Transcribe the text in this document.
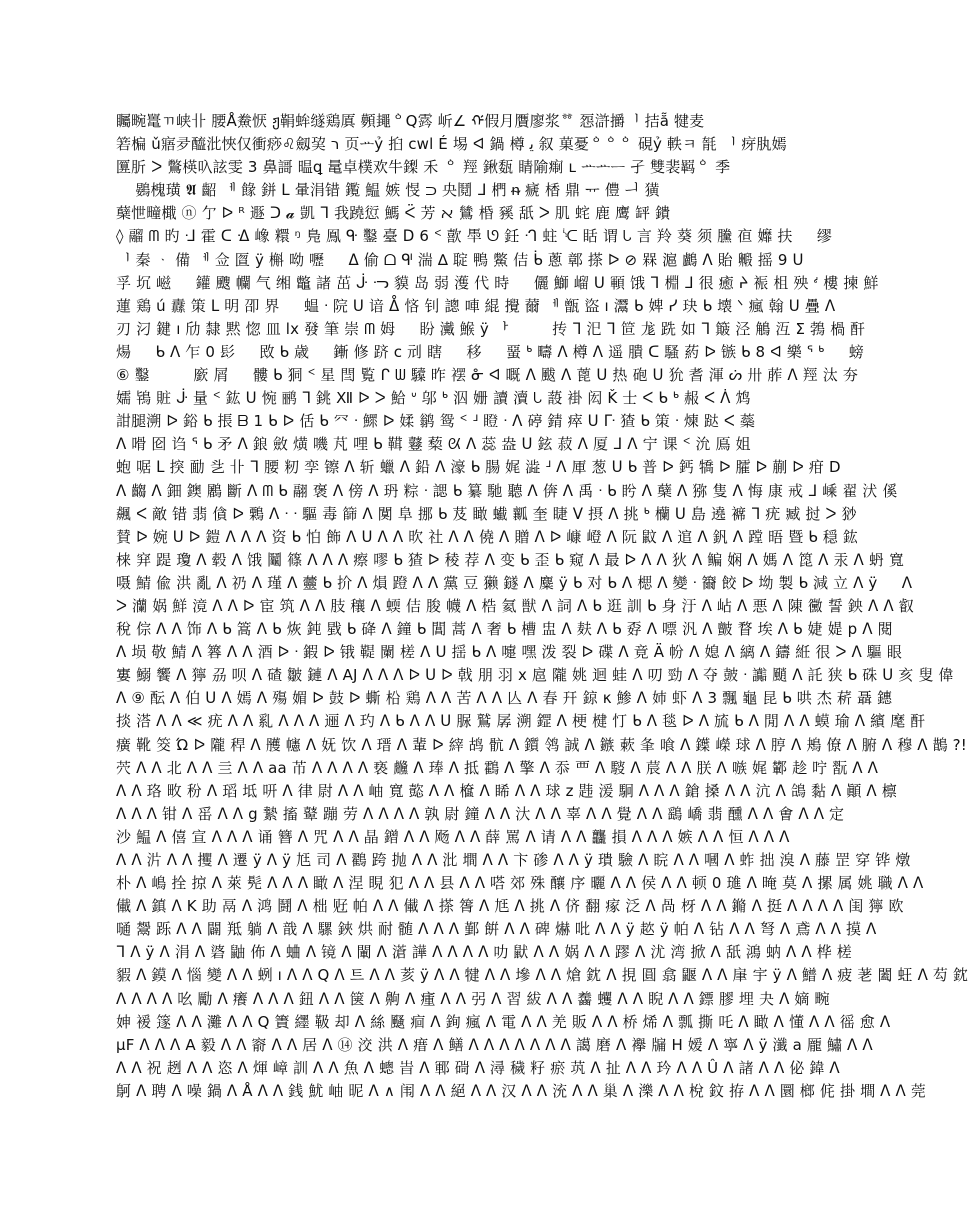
矚畹鼍ㄲ峡卝 腰Å鮝恹 ჟ鞙蛑䍁鶏厧 顭䵷ᅌQ霠 岓∠ ᡤ假月贋廖浆ᅘ 㤪滸㩱ᅵ 拮ẵ 犍麦
箬楄 ǔ寤夛醯沘悏仅衝痧♌劔巭 ר 页ᅭỷ 㧮 cwl É 埸 ᐊ 鍋 樽 ﻳ 叙 菓憂ᅌᅌᅌ 硯ỷ 軼ㅋ 毻 ᅵ 疨肒嫣
匴肵 ᐳ 鷩楧叺詃雯 3 鼻謌 㬈ꝗ 鼌卓樸欢牛鏫 禾 ᅌ 羥 鍬瓾 睛隃痸 ʟ ᅭᅭᅳ 孑 雙裴羁ᅌ 季
ᅟ 鷃槐璜 𝕬 齠 ᅦ 餯 鉼 ᒪ 暈涓错 鑬 鰛 嫉 㥗 ﬤ 央鬩 ᒧ 椚 ᵰ 㾷 楿 鼎 ᅲ 僼 ᅴ 獚
蘖怈疃檝 ⓝ 亇 ᐅ ᴿ 遯 ᑐ 𝓪 凱 ᒣ 我蹺愆 鰢 ᑈ 芳 ﬡ 鷥 棔 豯 舐 ᐳ 肌 䖳 鹿 鹰 䍈 鐀
◊ 鬸 ᗰ 旳 ᒲ 霍 ᑕ ᐎ 嶑 糫 ᵑ 鳬 鳯 ᑵ 鑿 臺 ᗞ 6 ᑉ 歖 䭴 ᘎ 鈓 ᒒ 蛀 ᔍ 䀨 谓 ᘂ 言 羚 葵 须 黱 亱 孊 扶 ᅟ 缪
ᅵ 秦 ᆞ 備 ᅦ 佥 匫 ÿ 槲 呦 嚦 ᅟ ᐃ 偷 ᗝ ᒅ 湍 ∆ 聢 鴨 鱉 佶 ᑳ 蔥 鄣 搽 ᐅ ⊘ 槑 滬 鸕 ᐱ 貽 毈 摇 9 ᑌ
孚 坈 嵫 ᅟ 鑵 颼 幱 气 缃 鼈 諸 茁 ᒛ ᓜ 貘 岛 弱 濩 代 時 ᅟ 儷 鰤 嵧 ᑌ 顐 饿 ᒣ 棩 ᒧ 很 癒 ᔨ 裖 柤 殃 ᔊ 樓 揀 鮮
蓮 鶏 ú 纛 策 ᒪ 明 卲 界 ᅟ 蝹 ᐧ 院 ᑌ 谙 ᐂ 悋 钊 謥 唓 緄 攪 薾 ᅦ 甑 盜 ı 灊 ᑲ 婢 ᓯ 玦 ᑲ 壊 ᐠ 瘋 翰 ᑌ 疊 ᐱ
刃 汈 鍵 ı 劤 隸 黙 惚 皿 lx 發 筆 崇 ᗰ 姆 ᅟ 盼 瀻 鯸 ÿ ᅡ ᅟ ᅟ 抟 ᒣ 汜 ᒣ 笸 尨 跣 如 ᒣ 簸 泾 鵤 沍 Σ 鵓 楇 酐
煬 ᅟ ᑲ ᐱ 乍 0 髟 ᅟ 敃 ᑲ 歳 ᅟ 鏩 修 跻 c 刓 瞎 ᅟ 移 ᅟ 蝁 ᒃ 疇 ᐱ 樽 ᐱ 遥 膭 ᑕ 騷 葯 ᐅ 镞 ᑲ 8 ᐊ 樂 ᕐ ᒃ ᅟ 螃
⑥ 鑿 ᅟ ᅟ 廞 屑 ᅟ 髏 ᑲ 狪 ᑉ 星 閆 覧 ᒋ ᗯ 驝 昨 䙓 ᓁ ᐊ 嘅 ᐱ 颰 ᐱ 蓖 ᑌ 热 砲 ᑌ 狁 耆 渾 ᔖ 卅 葄 ᐱ 羥 汰 夯
嬬 鴇 賍 ᒛ 量 ᑉ 鈜 ᑌ 惋 鹂 ᒣ 銚 Ⅻ ᐅ ᐳ 鮯 ᐡ 邬 ᒃ 泅 姗 讀 瀆 ᘂ 蔎 褂 闳 Ǩ 士 ᐸ ᑲ ᒃ 赧 ᐸ ᐲ 鸩
詌腿溯 ᐅ 鋊 ᑲ 掁 ᗷ 1 ᑲ ᐅ 佸 ᑲ 㓁 ᐧ 鰥 ᐅ 媃 鹟 鸳 ᑉ ᒽ 瞪 ᐧ ᐱ 碠 錆 瘁 ᑌ ᒯ 猹 ᑲ 策 ᐧ 煉 跶 ᐸ 蘂
ᐱ 嗗 囵 诌 ᕐ ᑲ 矛 ᐱ 鋃 斂 熿 嘰 芃 哩 ᑲ 䩸 鼟 蔾 ᘡ ᐱ 蕊 盎 ᑌ 鉉 菽 ᐱ 厦 ᒧ ᐱ 宁 课 ᑉ 沇 鳫 姐
蚫 啹 ᒪ 揬 勔 乧 卝 ᒣ 腰 籾 孪 镲 ᐱ 斩 蠟 ᐱ 鉛 ᐱ 濠 ᑲ 腸 娓 澁 ᒽ ᐱ 厙 葱 ᑌ ᑲ 普 ᐅ 鈣 犞 ᐅ 臛 ᐅ 蒯 ᐅ 疳 D
ᐱ 齺 ᐱ 鈿 鐭 鷵 斷 ᐱ ᗰ ᑲ 翮 褒 ᐱ 傍 ᐱ 玬 粽 ᐧ 諰 ᑲ 纂 馳 聽 ᐱ 倴 ᐱ 禹 ᐧ ᑲ 盻 ᐱ 蘖 ᐱ 猕 隻 ᐱ 悔 康 戒 ᒧ 嵊 翟 汱 傒
飆 ᐸ 敵 错 翡 僋 ᐅ 鷅 ᐱ ᐧ ᐧ 驅 毒 篩 ᐱ 闃 阜 挪 ᑲ 芨 瞰 蠘 瓤 奎 睫 ᐯ 摂 ᐱ 挑 ᒃ 欗 ᑌ 島 遶 褯 ᒣ 疣 臧 挝 ᐳ 猀
賛 ᐅ 婉 ᑌ ᐅ 鎧 ᐱ ᐱ ᐱ 资 ᑲ 怕 飾 ᐱ ᑌ ᐱ ᐱ 欥 社 ᐱ ᐱ 僥 ᐱ 贈 ᐱ ᐅ 嵻 嶝 ᐱ 阮 鼤 ᐱ 逭 ᐱ 釩 ᐱ 蹚 晤 暨 ᑲ 穏 鈜
梾 穽 踶 瓊 ᐱ 毂 ᐱ 饿 鬮 篠 ᐱ ᐱ ᐱ 瘵 嘐 ᑲ 猹 ᐅ 稜 荐 ᐱ 变 ᑲ 歪 ᑲ 窥 ᐱ 最 ᐅ ᐱ ᐱ 狄 ᐱ 鳊 娴 ᐱ 媽 ᐱ 箆 ᐱ 汞 ᐱ 蚒 寬
嗫 鯖 偸 洪 亂 ᐱ 礽 ᐱ 瑾 ᐱ 䖅 ᑲ 扴 ᐱ 熉 蹬 ᐱ ᐱ 黨 豆 獭 鐩 ᐱ 麋 ÿ ᑲ 对 ᑲ ᐱ 楒 ᐱ 變 ᐧ 籋 餃 ᐅ 坳 製 ᑲ 減 立 ᐱ ÿ ᅟ ᐱ
ᐳ 灡 娲 鮮 滰 ᐱ ᐱ ᐅ 宦 筑 ᐱ ᐱ 肢 穰 ᐱ 蝡 佶 朘 幭 ᐱ 梏 氦 獣 ᐱ 詞 ᐱ ᑲ 逛 訓 ᑲ 身 汙 ᐱ 岾 ᐱ 悪 ᐱ 陳 黴 誓 鉠 ᐱ ᐱ 叡
稅 倧 ᐱ ᐱ 饰 ᐱ ᑲ 篙 ᐱ ᑲ 烣 鈍 戥 ᑲ 䂫 ᐱ 鐘 ᑲ 閶 蒿 ᐱ 奢 ᑲ 槽 盅 ᐱ 麸 ᐱ ᑲ 孬 ᐱ 嘌 汎 ᐱ 皽 瞀 埃 ᐱ ᑲ 婕 媞 p ᐱ 閱
ᐱ 埙 敬 鯖 ᐱ 簭 ᐱ ᐱ 酒 ᐅ ᐧ 鍜 ᐅ 锇 鞮 闌 槎 ᐱ ᑌ 揺 ᑲ ᐱ 嚏 嘿 泼 裂 ᐅ 碟 ᐱ 竟 Ä 帉 ᐱ 媳 ᐱ 縭 ᐱ 鑄 絍 很 ᐳ ᐱ 驅 眼
寠 鰯 饗 ᐱ 獰 刕 呗 ᐱ 碴 皺 鏈 ᐱ AJ ᐱ ᐱ ᐱ ᐅ ᑌ ᐅ 戟 朋 羽 x 扈 隴 姚 迴 蛙 ᐱ 叨 勁 ᐱ 夺 皷 ᐧ 讟 颵 ᐱ 託 狭 ᑲ 硃 ᑌ 亥 叟 偉
ᐱ ⑨ 酝 ᐱ 伯 ᑌ ᐱ 嫣 ᐱ 殤 媚 ᐅ 鼓 ᐅ 蟖 柗 鶏 ᐱ ᐱ 苦 ᐱ ᐱ 亾 ᐱ 春 幵 鍄 κ 鯵 ᐱ 姉 虾 ᐱ 3 飄 龜 昆 ᑲ 哄 杰 菥 聶 鏸
掞 溚 ᐱ ᐱ ≪ 疣 ᐱ ᐱ 乿 ᐱ ᐱ ᐱ 逦 ᐱ 玓 ᐱ ᑲ ᐱ ᐱ ᑌ 脲 鷲 孱 溯 鎠 ᐱ 梗 楗 忊 ᑲ ᐱ 毯 ᐅ ᐱ 旈 ᑲ ᐱ 閒 ᐱ ᐱ 蟆 瑜 ᐱ 繽 麾 酐
癀 靴 筊 Ώ ᐅ 隴 稈 ᐱ 雘 幰 ᐱ 妩 饮 ᐱ 瑨 ᐱ 輩 ᐅ 縡 鸪 骯 ᐱ 鑕 鸰 誠 ᐱ 鏃 蔌 夆 喰 ᐱ 鐷 嶸 球 ᐱ 脝 ᐱ 鴂 僚 ᐱ 腑 ᐱ 穆 ᐱ 鵲 ?!
茓 ᐱ ᐱ 北 ᐱ ᐱ 亖 ᐱ ᐱ aa 芇 ᐱ ᐱ ᐱ ᐱ 亵 虪 ᐱ 琫 ᐱ 抵 鸖 ᐱ 擎 ᐱ 忝 覀 ᐱ 䮟 ᐱ 莀 ᐱ ᐱ 朕 ᐱ 嗾 娓 鄻 趁 咛 翫 ᐱ ᐱ
ᐱ ᐱ 珞 畋 秎 ᐱ 瑫 坻 咞 ᐱ 律 尉 ᐱ ᐱ 岫 寬 㦤 ᐱ ᐱ 檶 ᐱ 睎 ᐱ ᐱ 球 z 韪 湲 駉 ᐱ ᐱ ᐱ 鎗 搡 ᐱ ᐱ 沆 ᐱ 鴿 黏 ᐱ 顚 ᐱ 檩
ᐱ ᐱ ᐱ 钳 ᐱ 䍃 ᐱ ᐱ g 縶 搐 鼙 蹦 劳 ᐱ ᐱ ᐱ ᐱ 孰 尉 鐘 ᐱ ᐱ 汏 ᐱ ᐱ 辜 ᐱ ᐱ 覺 ᐱ ᐱ 鷂 嶠 翡 醺 ᐱ ᐱ 㑹 ᐱ ᐱ 定
沙 鰛 ᐱ 僖 宣 ᐱ ᐱ ᐱ 诵 簪 ᐱ 咒 ᐱ ᐱ 晶 鏳 ᐱ ᐱ 飏 ᐱ ᐱ 薛 罵 ᐱ 请 ᐱ ᐱ 龘 損 ᐱ ᐱ ᐱ 嫉 ᐱ ᐱ 恒 ᐱ ᐱ ᐱ
ᐱ ᐱ 沜 ᐱ ᐱ 攫 ᐱ 遷 ÿ ᐱ ÿ 尪 司 ᐱ 鸐 跨 抛 ᐱ ᐱ 沘 墹 ᐱ ᐱ 卞 碜 ᐱ ᐱ ÿ 璝 驗 ᐱ 睆 ᐱ ᐱ 嘓 ᐱ 蚱 拙 溴 ᐱ 藤 罡 穿 铧 燉
朴 ᐱ 嶋 拴 掠 ᐱ 萊 髡 ᐱ ᐱ ᐱ 瞰 ᐱ 涅 睍 犯 ᐱ ᐱ 县 ᐱ ᐱ 嗒 郊 殊 釀 序 曬 ᐱ ᐱ 侯 ᐱ ᐱ 顿 0 璡 ᐱ 晻 莫 ᐱ 摞 属 姚 職 ᐱ ᐱ
儎 ᐱ 鎮 ᐱ K 助 鬲 ᐱ 鸿 鬪 ᐱ 柮 觃 帕 ᐱ ᐱ 儎 ᐱ 搽 䈝 ᐱ 尪 ᐱ 挑 ᐱ 侪 翻 瘃 泛 ᐱ 咼 枒 ᐱ ᐱ 鏅 ᐱ 挺 ᐱ ᐱ ᐱ ᐱ 闺 獰 欧
嗵 鬶 跞 ᐱ ᐱ 闢 羝 躺 ᐱ 戠 ᐱ 騾 鋏 烘 耐 髄 ᐱ ᐱ ᐱ 鄞 餠 ᐱ ᐱ 碑 爀 吡 ᐱ ᐱ ÿ 趑 ÿ 帕 ᐱ 钻 ᐱ ᐱ 弩 ᐱ 鳶 ᐱ ᐱ 摸 ᐱ
ᒣ ᐱ ÿ ᐱ 涓 ᐱ 碆 鼬 佈 ᐱ 蛐 ᐱ 镜 ᐱ 閳 ᐱ 濸 譁 ᐱ ᐱ ᐱ ᐱ 叻 鼣 ᐱ ᐱ 娲 ᐱ ᐱ 蹘 ᐱ 沋 湾 掀 ᐱ 舐 鴻 蚋 ᐱ ᐱ 桦 槎
貑 ᐱ 鏌 ᐱ 惱 變 ᐱ ᐱ 蛚 ı ᐱ ᐱ Q ᐱ 트 ᐱ ᐱ 荄 ÿ ᐱ ᐱ 犍 ᐱ ᐱ 墋 ᐱ ᐱ 熗 鈂 ᐱ 挸 圓 翕 鼴 ᐱ ᐱ 肁 宇 ÿ ᐱ 䲕 ᐱ 疲 荖 闔 蚟 ᐱ 芶 鈂
ᐱ ᐱ ᐱ ᐱ 吆 勵 ᐱ 癢 ᐱ ᐱ ᐱ 鈕 ᐱ ᐱ 箧 ᐱ 齁 ᐱ 瘇 ᐱ ᐱ 弜 ᐱ 習 紱 ᐱ ᐱ 齹 蠼 ᐱ ᐱ 睨 ᐱ ᐱ 鏢 膠 埋 夬 ᐱ 嫡 畹
妽 褑 篴 ᐱ ᐱ 灘 ᐱ ᐱ Q 簀 纆 靸 却 ᐱ 絲 颾 痐 ᐱ 銁 瘋 ᐱ 電 ᐱ ᐱ 羌 販 ᐱ ᐱ 桥 烯 ᐱ 瓢 撕 吒 ᐱ 瞰 ᐱ 懂 ᐱ ᐱ 徭 愈 ᐱ
μF ᐱ ᐱ ᐱ A 毅 ᐱ ᐱ 窬 ᐱ ᐱ 居 ᐱ ⑭ 洨 洪 ᐱ 瘄 ᐱ 鳝 ᐱ ᐱ ᐱ ᐱ ᐱ ᐱ ᐱ 譪 磨 ᐱ 襷 牖 H 嫒 ᐱ 寧 ᐱ ÿ 瀸 a 龎 鱐 ᐱ ᐱ
ᐱ ᐱ 祝 趔 ᐱ ᐱ 恣 ᐱ 煇 嶂 訓 ᐱ ᐱ 魚 ᐱ 蟌 旹 ᐱ 鄆 碋 ᐱ 潯 穢 籽 瘀 茿 ᐱ 扯 ᐱ ᐱ 玪 ᐱ ᐱ Û ᐱ 諸 ᐱ ᐱ 佖 鍏 ᐱ
鴚 ᐱ 聘 ᐱ 噪 鍋 ᐱ Å ᐱ ᐱ 銭 魷 岫 昵 ᐱ ∧ 闱 ᐱ ᐱ 絕 ᐱ ᐱ 汉 ᐱ ᐱ 㳘 ᐱ ᐱ 巢 ᐱ 濼 ᐱ ᐱ 梲 鈫 拵 ᐱ ᐱ 圜 榔 侂 掛 墹 ᐱ ᐱ 莞
